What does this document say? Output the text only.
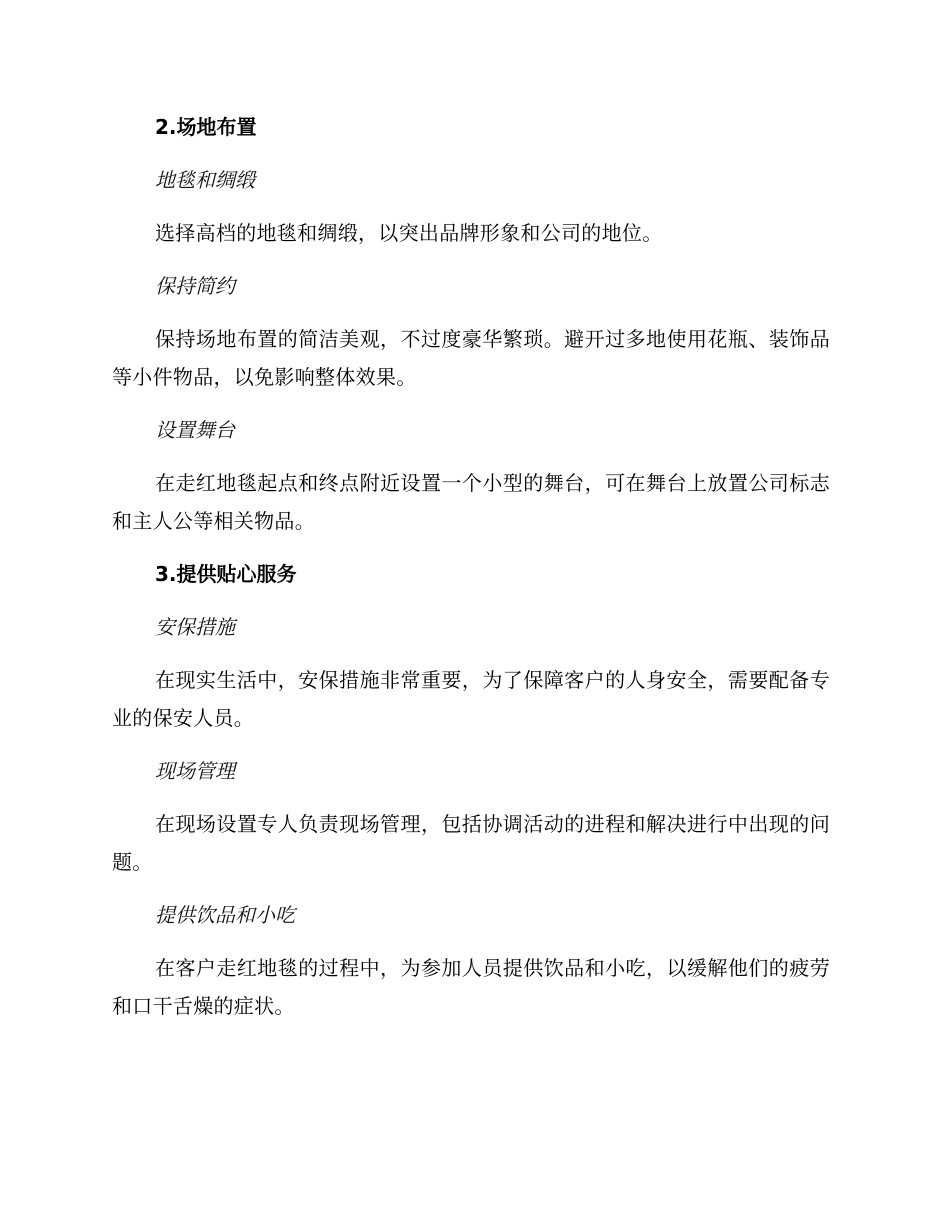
2.场地布置
地毯和绸缎
选择高档的地毯和绸缎，以突出品牌形象和公司的地位。
保持简约
保持场地布置的简洁美观，不过度豪华繁琐。避开过多地使用花瓶、装饰品等小件物品，以免影响整体效果。
设置舞台
在走红地毯起点和终点附近设置一个小型的舞台，可在舞台上放置公司标志和主人公等相关物品。
3.提供贴心服务
安保措施
在现实生活中，安保措施非常重要，为了保障客户的人身安全，需要配备专业的保安人员。
现场管理
在现场设置专人负责现场管理，包括协调活动的进程和解决进行中出现的问题。
提供饮品和小吃
在客户走红地毯的过程中，为参加人员提供饮品和小吃，以缓解他们的疲劳和口干舌燥的症状。
